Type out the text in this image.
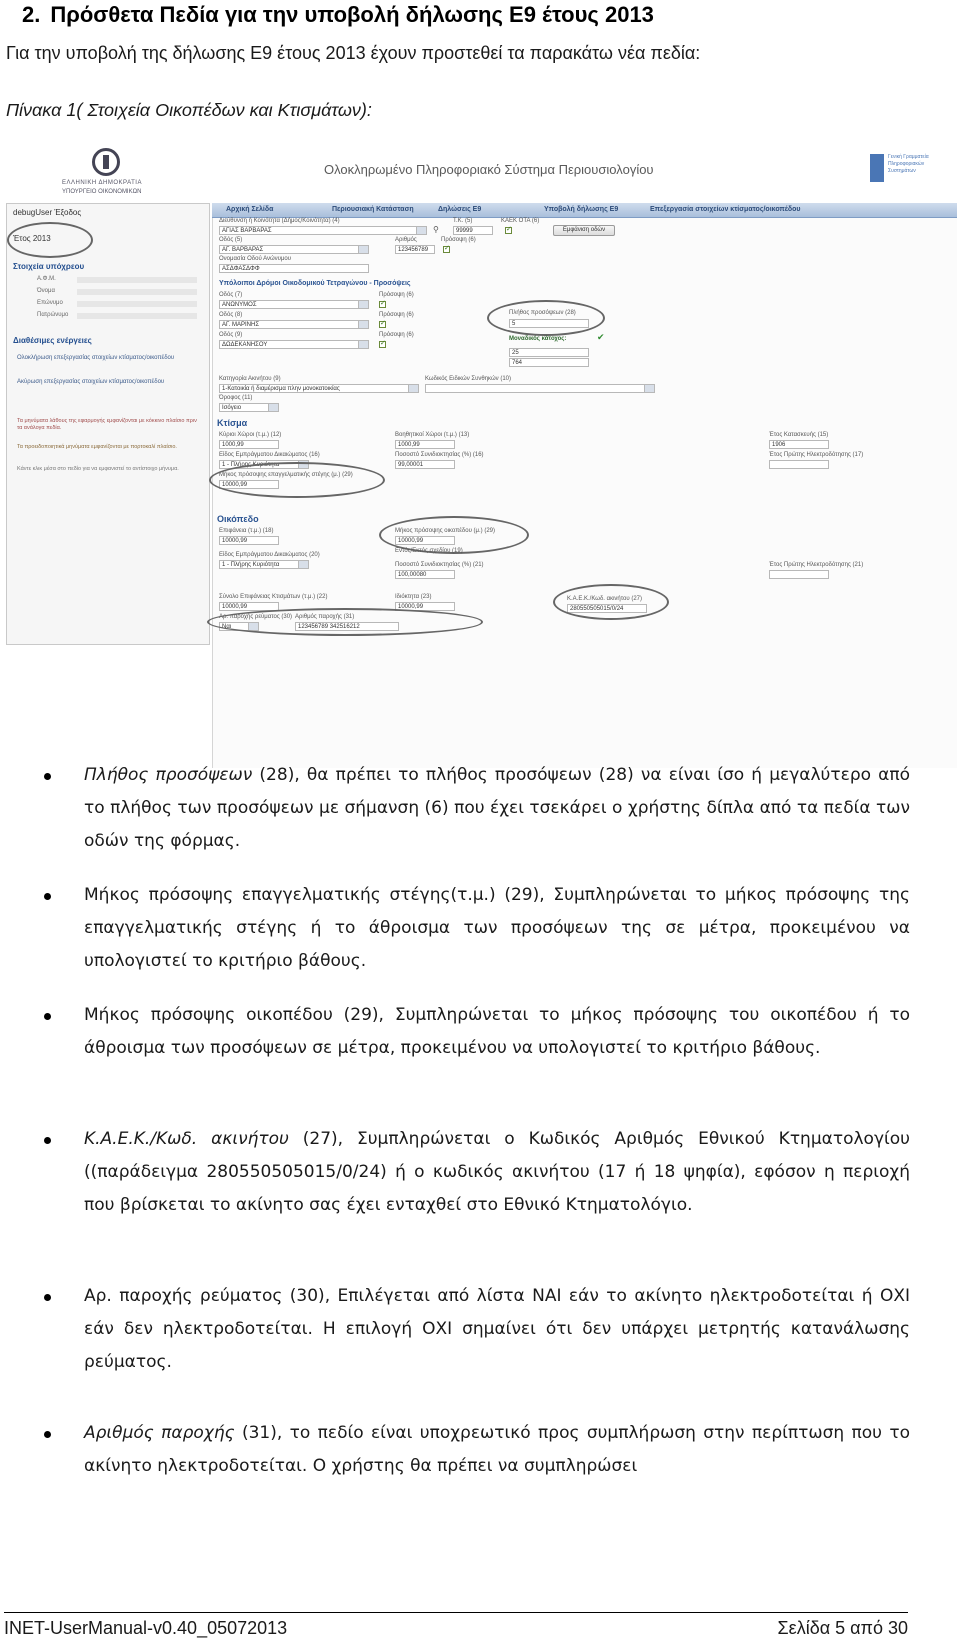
2. Πρόσθετα Πεδία για την υποβολή δήλωσης Ε9 έτους 2013
Για την υποβολή της δήλωσης Ε9 έτους 2013 έχουν προστεθεί τα παρακάτω νέα πεδία:
Πίνακα 1( Στοιχεία Οικοπέδων και Κτισμάτων):
ΕΛΛΗΝΙΚΗ ΔΗΜΟΚΡΑΤΙΑ
ΥΠΟΥΡΓΕΙΟ ΟΙΚΟΝΟΜΙΚΩΝ
Ολοκληρωμένο Πληροφοριακό Σύστημα Περιουσιολογίου
Γενική Γραμματεία Πληροφοριακών Συστημάτων
Αρχική Σελίδα	Περιουσιακή Κατάσταση	Δηλώσεις Ε9	Υποβολή δήλωσης Ε9	Επεξεργασία στοιχείων κτίσματος/οικοπέδου
debugUser Έξοδος
Έτος 2013
Στοιχεία υπόχρεου
Α.Φ.Μ.
Όνομα
Επώνυμο
Πατρώνυμο
Διαθέσιμες ενέργειες
Ολοκλήρωση επεξεργασίας στοιχείων κτίσματος/οικοπέδου
Ακύρωση επεξεργασίας στοιχείων κτίσματος/οικοπέδου
Τα μηνύματα λάθους της εφαρμογής εμφανίζονται με κόκκινο πλαίσιο πριν τα ανάλογα πεδία.
Τα προειδοποιητικά μηνύματα εμφανίζονται με πορτοκαλί πλαίσιο.
Κάντε κλικ μέσα στο πεδίο για να εμφανιστεί το αντίστοιχο μήνυμα.
Διεύθυνση ή Κοινότητα (Δήμος/Κοινότητα) (4)	Τ.Κ. (5)	ΚΑΕΚ ΟΤΑ (6)
ΑΓΙΑΣ ΒΑΡΒΑΡΑΣ	⚲	99999
✓	Εμφάνιση οδών
Οδός (5)	Αριθμός	Πρόσοψη (6)
ΑΓ. ΒΑΡΒΑΡΑΣ	123456789
✓
Ονομασία Οδού Ανώνυμου
ΑΣΔΦΑΣΔΦΦ
Υπόλοιποι Δρόμοι Οικοδομικού Τετραγώνου - Προσόψεις
Οδός (7)
ΑΝΩΝΥΜΟΣ
Πρόσοψη (6)
✓
Οδός (8)
ΑΓ. ΜΑΡΙΝΗΣ
Πρόσοψη (6)
✓
Οδός (9)
ΔΩΔΕΚΑΝΗΣΟΥ
Πρόσοψη (6)
✓
Πλήθος προσόψεων (28)
5
Μοναδικός κάτοχος:	✔
25
764
Κατηγορία Ακινήτου (9)
1-Κατοικία ή διαμέρισμα πλην μονοκατοικίας
Κωδικός Ειδικών Συνθηκών (10)
Όροφος (11)
Ισόγειο
Κτίσμα
Κύριοι Χώροι (τ.μ.) (12)
1000,99
Βοηθητικοί Χώροι (τ.μ.) (13)
1000,99
Έτος Κατασκευής (15)
1906
Είδος Εμπράγματου Δικαιώματος (16)
1 - Πλήρης Κυριότητα
Ποσοστό Συνιδιοκτησίας (%) (16)
99,00001
Έτος Πρώτης Ηλεκτροδότησης (17)
Μήκος πρόσοψης επαγγελματικής στέγης (μ.) (29)
10000,99
Οικόπεδο
Επιφάνεια (τ.μ.) (18)
10000,99
Μήκος πρόσοψης οικοπέδου (μ.) (29)
10000,99
Εντός/Εκτός σχεδίου (19)
Είδος Εμπράγματου Δικαιώματος (20)
1 - Πλήρης Κυριότητα	Ποσοστό Συνιδιοκτησίας (%) (21)
100,00080
Έτος Πρώτης Ηλεκτροδότησης (21)
Σύνολο Επιφάνειας Κτισμάτων (τ.μ.) (22)
10000,99
Ιδιόκτητα (23)
10000,99
Κ.Α.Ε.Κ./Κωδ. ακινήτου (27)
280550505015/0/24
Αρ. παροχής ρεύματος (30)
Ναι
Αριθμός παροχής (31)
123456789 342516212
Πλήθος προσόψεων (28), θα πρέπει το πλήθος προσόψεων (28) να είναι ίσο ή μεγαλύτερο από το πλήθος των προσόψεων με σήμανση (6) που έχει τσεκάρει ο χρήστης δίπλα από τα πεδία των οδών της φόρμας.
Μήκος πρόσοψης επαγγελματικής στέγης(τ.μ.) (29), Συμπληρώνεται το μήκος πρόσοψης της επαγγελματικής στέγης ή το άθροισμα των προσόψεων της σε μέτρα, προκειμένου να υπολογιστεί το κριτήριο βάθους.
Μήκος πρόσοψης οικοπέδου (29), Συμπληρώνεται το μήκος πρόσοψης του οικοπέδου ή το άθροισμα των προσόψεων σε μέτρα, προκειμένου να υπολογιστεί το κριτήριο βάθους.
Κ.Α.Ε.Κ./Κωδ. ακινήτου (27), Συμπληρώνεται ο Κωδικός Αριθμός Εθνικού Κτηματολογίου ((παράδειγμα 280550505015/0/24) ή ο κωδικός ακινήτου (17 ή 18 ψηφία), εφόσον η περιοχή που βρίσκεται το ακίνητο σας έχει ενταχθεί στο Εθνικό Κτηματολόγιο.
Αρ. παροχής ρεύματος (30), Επιλέγεται από λίστα ΝΑΙ εάν το ακίνητο ηλεκτροδοτείται ή ΟΧΙ εάν δεν ηλεκτροδοτείται. Η επιλογή ΟΧΙ σημαίνει ότι δεν υπάρχει μετρητής κατανάλωσης ρεύματος.
Αριθμός παροχής (31), το πεδίο είναι υποχρεωτικό προς συμπλήρωση στην περίπτωση που το ακίνητο ηλεκτροδοτείται. Ο χρήστης θα πρέπει να συμπληρώσει
INET-UserManual-v0.40_05072013	Σελίδα 5 από 30
